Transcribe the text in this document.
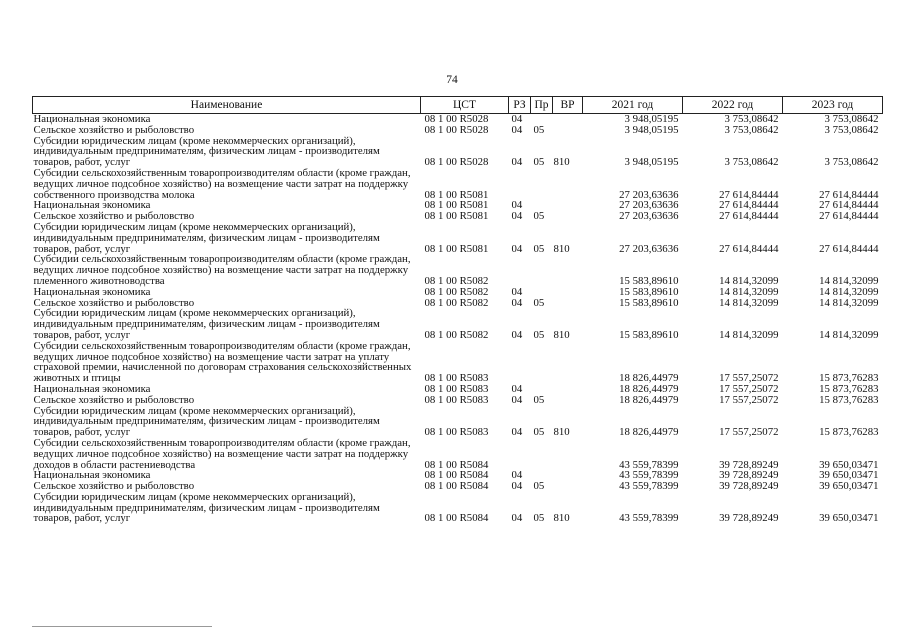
74
Наименование	ЦСТ	РЗ	Пр	ВР	2021 год	2022 год	2023 год
Национальная экономика	08 1 00 R5028	04			3 948,05195	3 753,08642	3 753,08642
Сельское хозяйство и рыболовство	08 1 00 R5028	04	05		3 948,05195	3 753,08642	3 753,08642
Субсидии юридическим лицам (кроме некоммерческих организаций), индивидуальным предпринимателям, физическим лицам - производителям товаров, работ, услуг	08 1 00 R5028	04	05	810	3 948,05195	3 753,08642	3 753,08642
Субсидии сельскохозяйственным товаропроизводителям области (кроме граждан, ведущих личное подсобное хозяйство) на возмещение части затрат на поддержку собственного производства молока	08 1 00 R5081				27 203,63636	27 614,84444	27 614,84444
Национальная экономика	08 1 00 R5081	04			27 203,63636	27 614,84444	27 614,84444
Сельское хозяйство и рыболовство	08 1 00 R5081	04	05		27 203,63636	27 614,84444	27 614,84444
Субсидии юридическим лицам (кроме некоммерческих организаций), индивидуальным предпринимателям, физическим лицам - производителям товаров, работ, услуг	08 1 00 R5081	04	05	810	27 203,63636	27 614,84444	27 614,84444
Субсидии сельскохозяйственным товаропроизводителям области (кроме граждан, ведущих личное подсобное хозяйство) на возмещение части затрат на поддержку племенного животноводства	08 1 00 R5082				15 583,89610	14 814,32099	14 814,32099
Национальная экономика	08 1 00 R5082	04			15 583,89610	14 814,32099	14 814,32099
Сельское хозяйство и рыболовство	08 1 00 R5082	04	05		15 583,89610	14 814,32099	14 814,32099
Субсидии юридическим лицам (кроме некоммерческих организаций), индивидуальным предпринимателям, физическим лицам - производителям товаров, работ, услуг	08 1 00 R5082	04	05	810	15 583,89610	14 814,32099	14 814,32099
Субсидии сельскохозяйственным товаропроизводителям области (кроме граждан, ведущих личное подсобное хозяйство) на возмещение части затрат на уплату страховой премии, начисленной по договорам страхования сельскохозяйственных животных и птицы	08 1 00 R5083				18 826,44979	17 557,25072	15 873,76283
Национальная экономика	08 1 00 R5083	04			18 826,44979	17 557,25072	15 873,76283
Сельское хозяйство и рыболовство	08 1 00 R5083	04	05		18 826,44979	17 557,25072	15 873,76283
Субсидии юридическим лицам (кроме некоммерческих организаций), индивидуальным предпринимателям, физическим лицам - производителям товаров, работ, услуг	08 1 00 R5083	04	05	810	18 826,44979	17 557,25072	15 873,76283
Субсидии сельскохозяйственным товаропроизводителям области (кроме граждан, ведущих личное подсобное хозяйство) на возмещение части затрат на поддержку доходов в области растениеводства	08 1 00 R5084				43 559,78399	39 728,89249	39 650,03471
Национальная экономика	08 1 00 R5084	04			43 559,78399	39 728,89249	39 650,03471
Сельское хозяйство и рыболовство	08 1 00 R5084	04	05		43 559,78399	39 728,89249	39 650,03471
Субсидии юридическим лицам (кроме некоммерческих организаций), индивидуальным предпринимателям, физическим лицам - производителям товаров, работ, услуг	08 1 00 R5084	04	05	810	43 559,78399	39 728,89249	39 650,03471
